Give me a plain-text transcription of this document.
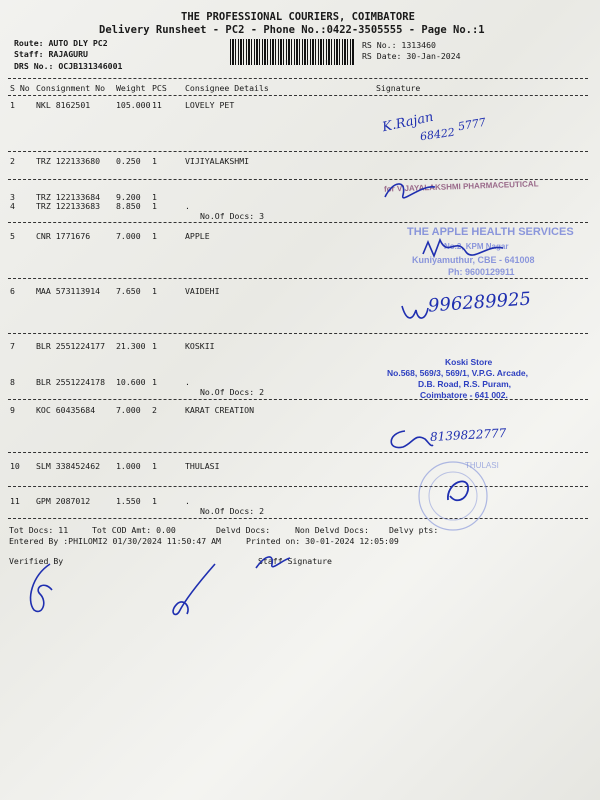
THE PROFESSIONAL COURIERS, COIMBATORE
Delivery Runsheet - PC2 - Phone No.:0422-3505555 - Page No.:1
Route: AUTO DLY PC2
Staff: RAJAGURU
DRS No.: OCJB131346001
RS No.: 1313460
RS Date: 30-Jan-2024
S No Consignment No Weight PCS Consignee Details	Signature
1	NKL 8162501	105.000 11	LOVELY PET
2	TRZ 122133680 0.250 1	VIJIYALAKSHMI
3	TRZ 122133684 9.200 1
4	TRZ 122133683 8.850 1	.
No.Of Docs: 3
5	CNR 1771676	7.000 1	APPLE
6	MAA 573113914 7.650 1	VAIDEHI
7	BLR 2551224177 21.300 1	KOSKII
8	BLR 2551224178 10.600 1	.
No.Of Docs: 2
9	KOC 60435684	7.000 2	KARAT CREATION
10 SLM 338452462 1.000 1	THULASI
11 GPM 2087012	1.550 1	.
No.Of Docs: 2
Tot Docs: 11	Tot COD Amt: 0.00	Delvd Docs:	Non Delvd Docs: Delvy pts:
Entered By :PHILOMI2 01/30/2024 11:50:47 AM	Printed on: 30-01-2024 12:05:09
Verified By	Staff Signature
for VIJAYALAKSHMI PHARMACEUTICAL
THE APPLE HEALTH SERVICES
No.2, KPM Nagar
Kuniyamuthur, CBE - 641008
Ph: 9600129911
Koski Store
No.568, 569/3, 569/1, V.P.G. Arcade,
D.B. Road, R.S. Puram,
Coimbatore - 641 002.
THULASI
K.Rajan
68422
5777
996289925
8139822777
